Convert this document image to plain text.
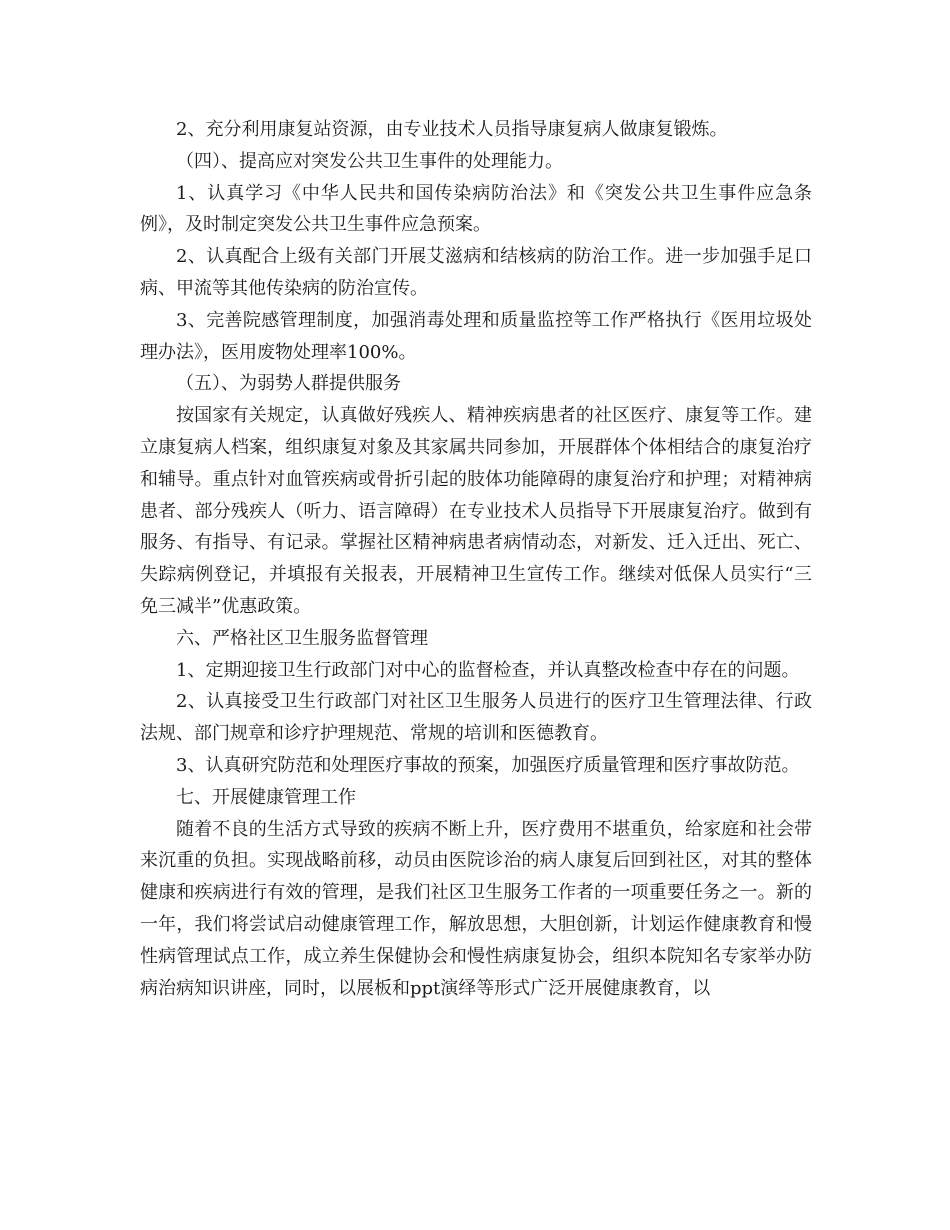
2、充分利用康复站资源，由专业技术人员指导康复病人做康复锻炼。

（四）、提高应对突发公共卫生事件的处理能力。

1、认真学习《中华人民共和国传染病防治法》和《突发公共卫生事件应急条例》，及时制定突发公共卫生事件应急预案。

2、认真配合上级有关部门开展艾滋病和结核病的防治工作。进一步加强手足口病、甲流等其他传染病的防治宣传。

3、完善院感管理制度，加强消毒处理和质量监控等工作严格执行《医用垃圾处理办法》，医用废物处理率100%。

（五）、为弱势人群提供服务

按国家有关规定，认真做好残疾人、精神疾病患者的社区医疗、康复等工作。建立康复病人档案，组织康复对象及其家属共同参加，开展群体个体相结合的康复治疗和辅导。重点针对血管疾病或骨折引起的肢体功能障碍的康复治疗和护理；对精神病患者、部分残疾人（听力、语言障碍）在专业技术人员指导下开展康复治疗。做到有服务、有指导、有记录。掌握社区精神病患者病情动态，对新发、迁入迁出、死亡、失踪病例登记，并填报有关报表，开展精神卫生宣传工作。继续对低保人员实行“三免三减半”优惠政策。

六、严格社区卫生服务监督管理

1、定期迎接卫生行政部门对中心的监督检查，并认真整改检查中存在的问题。

2、认真接受卫生行政部门对社区卫生服务人员进行的医疗卫生管理法律、行政法规、部门规章和诊疗护理规范、常规的培训和医德教育。

3、认真研究防范和处理医疗事故的预案，加强医疗质量管理和医疗事故防范。

七、开展健康管理工作

随着不良的生活方式导致的疾病不断上升，医疗费用不堪重负，给家庭和社会带来沉重的负担。实现战略前移，动员由医院诊治的病人康复后回到社区，对其的整体健康和疾病进行有效的管理，是我们社区卫生服务工作者的一项重要任务之一。新的一年，我们将尝试启动健康管理工作，解放思想，大胆创新，计划运作健康教育和慢性病管理试点工作，成立养生保健协会和慢性病康复协会，组织本院知名专家举办防病治病知识讲座，同时，以展板和ppt演绎等形式广泛开展健康教育，以
